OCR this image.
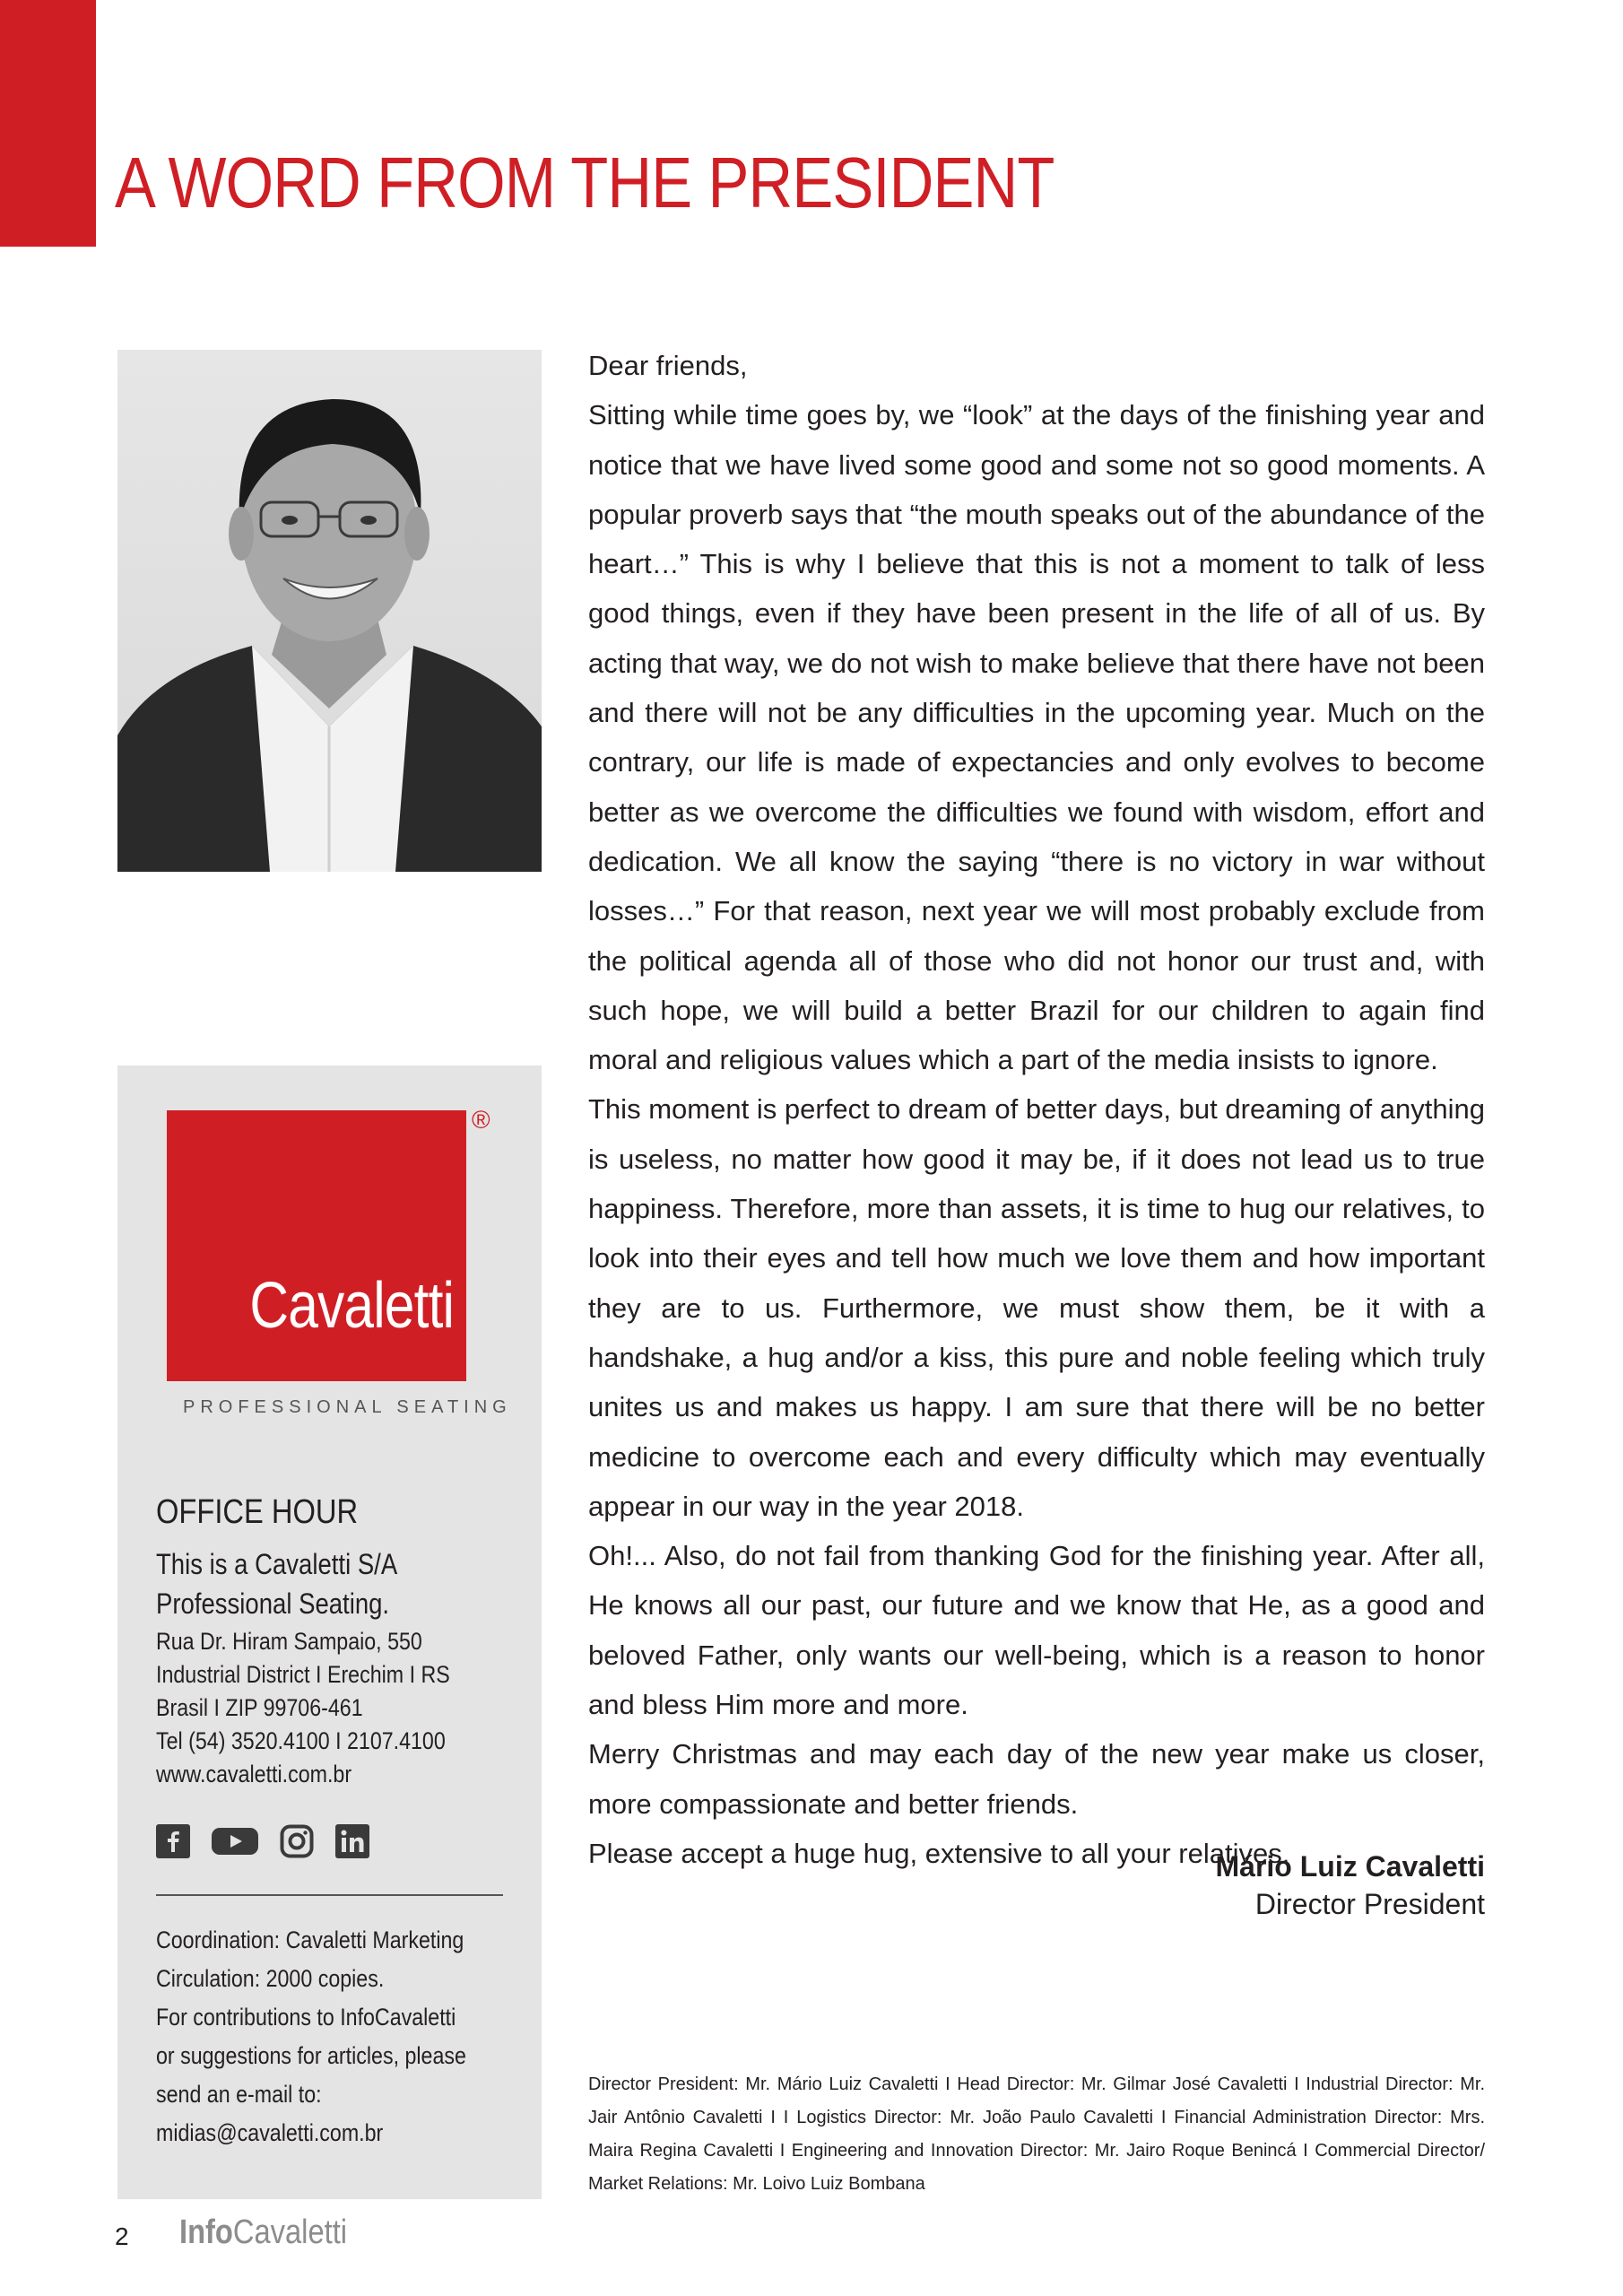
A WORD FROM THE PRESIDENT
Cavaletti
®
PROFESSIONAL SEATING
OFFICE HOUR
This is a Cavaletti S/A
Professional Seating.
Rua Dr. Hiram Sampaio, 550
Industrial District I Erechim I RS
Brasil I ZIP 99706-461
Tel (54) 3520.4100 I 2107.4100
www.cavaletti.com.br
Coordination: Cavaletti Marketing
Circulation: 2000 copies.
For contributions to InfoCavaletti
or suggestions for articles, please
send an e-mail to:
midias@cavaletti.com.br

Dear friends,

Sitting while time goes by, we “look” at the days of the finishing year and notice that we have lived some good and some not so good moments. A popular proverb says that “the mouth speaks out of the abundance of the heart…” This is why I believe that this is not a moment to talk of less good things, even if they have been present in the life of all of us. By acting that way, we do not wish to make believe that there have not been and there will not be any difficulties in the upcoming year. Much on the contrary, our life is made of expectancies and only evolves to become better as we overcome the difficulties we found with wisdom, effort and dedication. We all know the saying “there is no victory in war without losses…” For that reason, next year we will most probably exclude from the political agenda all of those who did not honor our trust and, with such hope, we will build a better Brazil for our children to again find moral and religious values which a part of the media insists to ignore.

This moment is perfect to dream of better days, but dreaming of anything is useless, no matter how good it may be, if it does not lead us to true happiness. Therefore, more than assets, it is time to hug our relatives, to look into their eyes and tell how much we love them and how important they are to us. Furthermore, we must show them, be it with a handshake, a hug and/or a kiss, this pure and noble feeling which truly unites us and makes us happy. I am sure that there will be no better medicine to overcome each and every difficulty which may eventually appear in our way in the year 2018.

Oh!... Also, do not fail from thanking God for the finishing year. After all, He knows all our past, our future and we know that He, as a good and beloved Father, only wants our well-being, which is a reason to honor and bless Him more and more.

Merry Christmas and may each day of the new year make us closer, more compassionate and better friends.

Please accept a huge hug, extensive to all your relatives.

Mário Luiz Cavaletti
Director President
Director President: Mr. Mário Luiz Cavaletti I Head Director: Mr. Gilmar José Cavaletti I Industrial Director: Mr. Jair Antônio Cavaletti I I Logistics Director: Mr. João Paulo Cavaletti I Financial Administration Director: Mrs. Maira Regina Cavaletti I Engineering and Innovation Director: Mr. Jairo Roque Benincá I Commercial Director/ Market Relations: Mr. Loivo Luiz Bombana
2 InfoCavaletti
